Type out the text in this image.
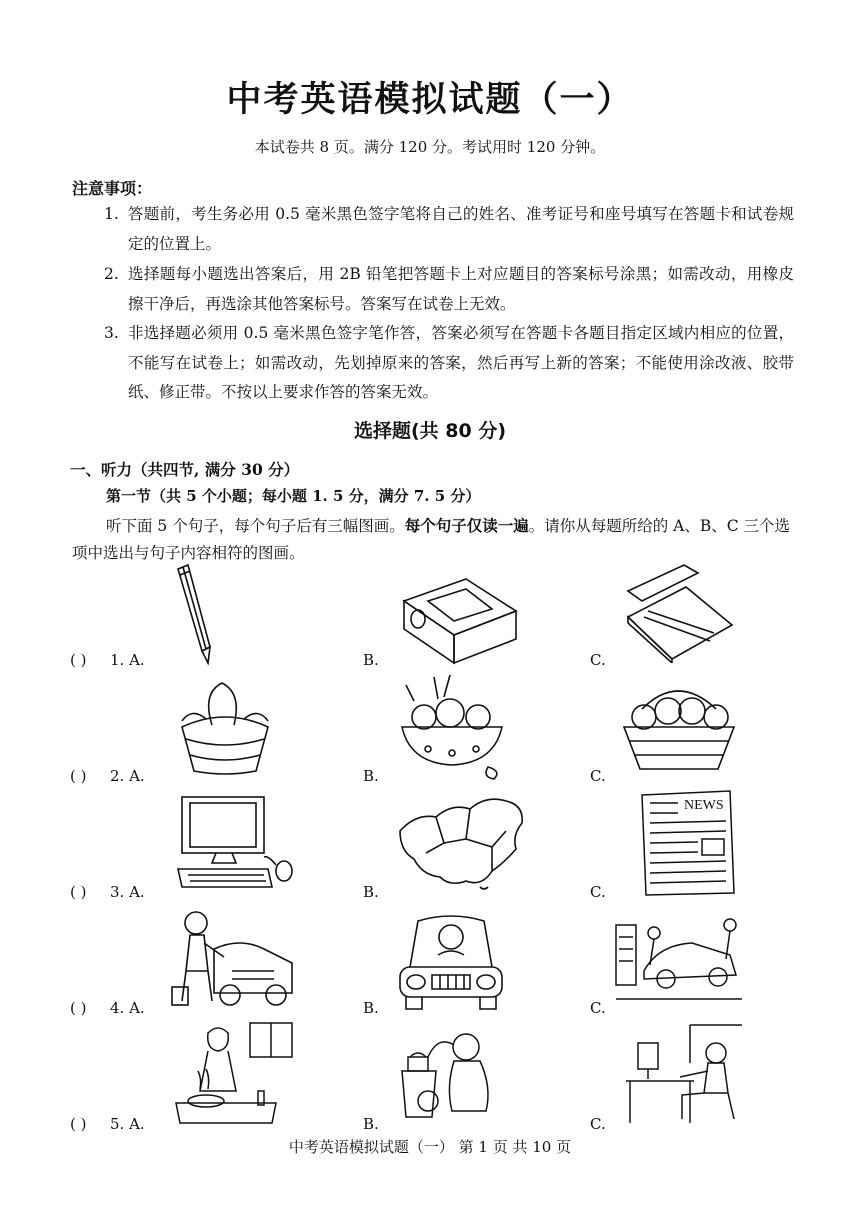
中考英语模拟试题（一）
本试卷共 8 页。满分 120 分。考试用时 120 分钟。
注意事项：
1. 答题前，考生务必用 0.5 毫米黑色签字笔将自己的姓名、准考证号和座号填写在答题卡和试卷规定的位置上。
2. 选择题每小题选出答案后，用 2B 铅笔把答题卡上对应题目的答案标号涂黑；如需改动，用橡皮擦干净后，再选涂其他答案标号。答案写在试卷上无效。
3. 非选择题必须用 0.5 毫米黑色签字笔作答，答案必须写在答题卡各题目指定区域内相应的位置，不能写在试卷上；如需改动，先划掉原来的答案，然后再写上新的答案；不能使用涂改液、胶带纸、修正带。不按以上要求作答的答案无效。
选择题(共 80 分)
一、听力（共四节, 满分 30 分）
第一节（共 5 个小题；每小题 1. 5 分，满分 7. 5 分）
听下面 5 个句子，每个句子后有三幅图画。每个句子仅读一遍。请你从每题所给的 A、B、C 三个选项中选出与句子内容相符的图画。
( ) 1. A.	B.	C.
( ) 2. A.	B.	C.
( ) 3. A.	B.	C.
NEWS
( ) 4. A.	B.	C.
( ) 5. A.	B.	C.
中考英语模拟试题（一） 第 1 页 共 10 页
